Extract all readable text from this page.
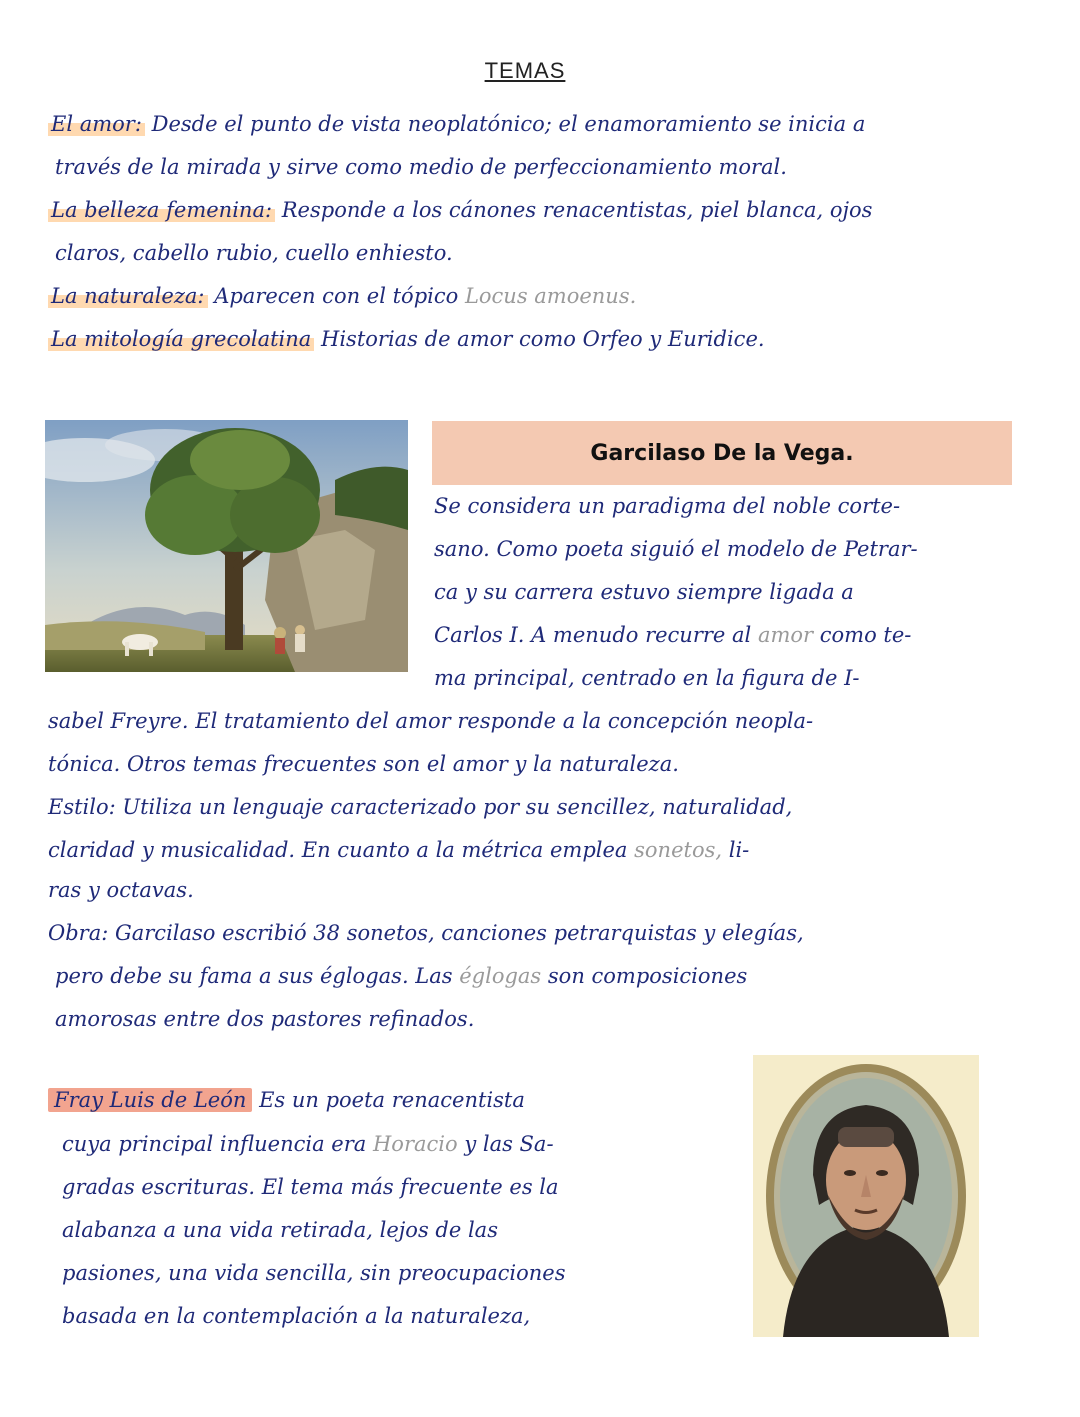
TEMAS
El amor: Desde el punto de vista neoplatónico; el enamoramiento se inicia a
través de la mirada y sirve como medio de perfeccionamiento moral.
La belleza femenina: Responde a los cánones renacentistas, piel blanca, ojos
claros, cabello rubio, cuello enhiesto.
La naturaleza: Aparecen con el tópico Locus amoenus.
La mitología grecolatina Historias de amor como Orfeo y Euridice.
Garcilaso De la Vega.
Se considera un paradigma del noble corte-
sano. Como poeta siguió el modelo de Petrar-
ca y su carrera estuvo siempre ligada a
Carlos I. A menudo recurre al amor como te-
ma principal, centrado en la figura de I-
sabel Freyre. El tratamiento del amor responde a la concepción neopla-
tónica. Otros temas frecuentes son el amor y la naturaleza.
Estilo: Utiliza un lenguaje caracterizado por su sencillez, naturalidad,
claridad y musicalidad. En cuanto a la métrica emplea sonetos, li-
ras y octavas.
Obra: Garcilaso escribió 38 sonetos, canciones petrarquistas y elegías,
pero debe su fama a sus églogas. Las églogas son composiciones
amorosas entre dos pastores refinados.
Fray Luis de León Es un poeta renacentista
cuya principal influencia era Horacio y las Sa-
gradas escrituras. El tema más frecuente es la
alabanza a una vida retirada, lejos de las
pasiones, una vida sencilla, sin preocupaciones
basada en la contemplación a la naturaleza,
